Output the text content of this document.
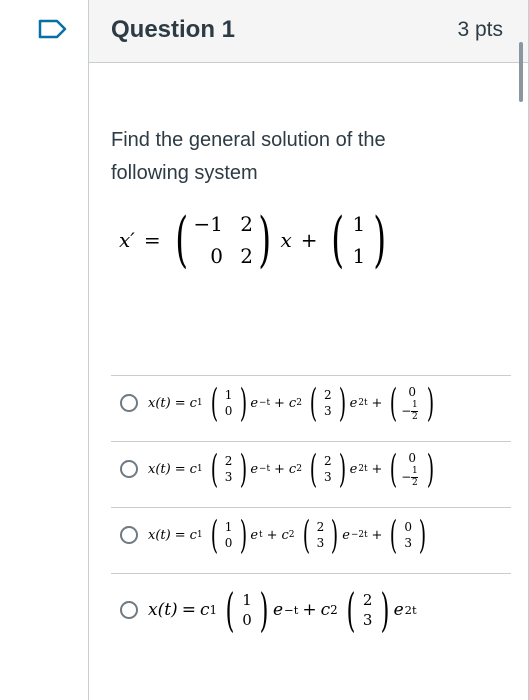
Question 1	3 pts
Find the general solution of the following system
x′ = ( −1 2
0 2 ) x + ( 1
1 )
x(t) = c 1 ( 1
0 ) e −t + c 2 ( 2
3 ) e 2t + ( 0
− $\frac{1}{2}$ )
x(t) = c 1 ( 2
3 ) e −t + c 2 ( 2
3 ) e 2t + ( 0
− $\frac{1}{2}$ )
x(t) = c 1 ( 1
0 ) e t + c 2 ( 2
3 ) e −2t + ( 0
3 )
x(t) = c 1 ( 1
0 ) e −t + c 2 ( 2
3 ) e 2t
